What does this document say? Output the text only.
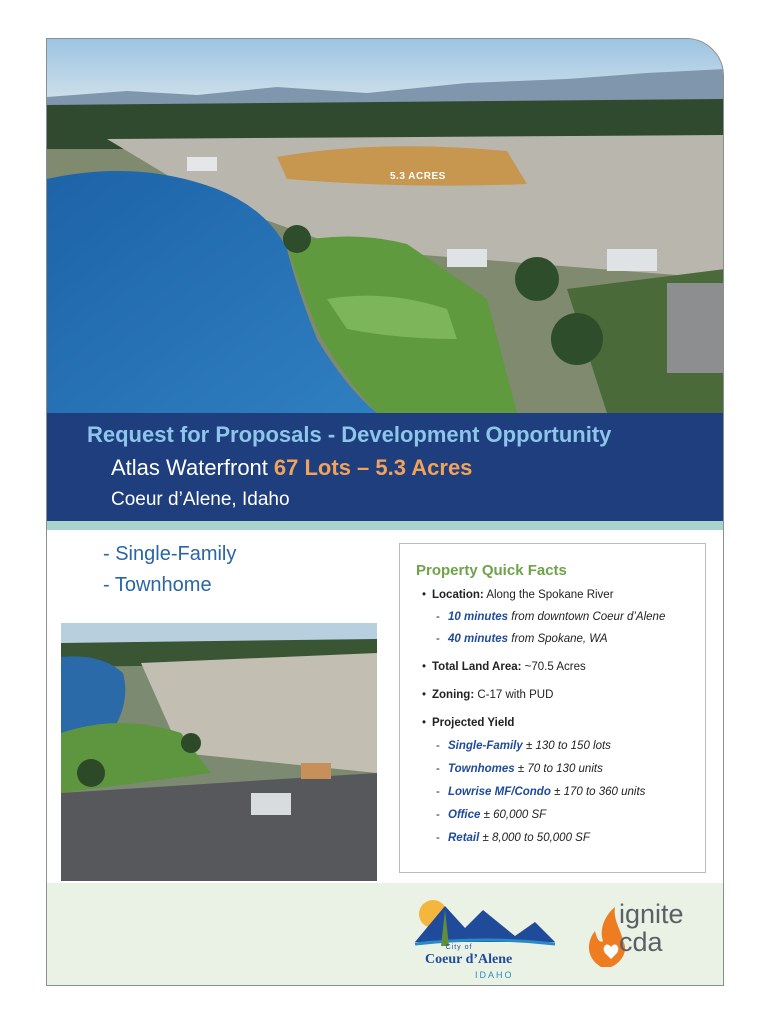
5.3 ACRES
Request for Proposals - Development Opportunity
Atlas Waterfront 67 Lots – 5.3 Acres
Coeur d’Alene, Idaho
- Single-Family
- Townhome
Property Quick Facts
• Location: Along the Spokane River
- 10 minutes from downtown Coeur d’Alene
- 40 minutes from Spokane, WA
• Total Land Area: ~70.5 Acres
• Zoning: C-17 with PUD
• Projected Yield
- Single-Family ± 130 to 150 lots
- Townhomes ± 70 to 130 units
- Lowrise MF/Condo ± 170 to 360 units
- Office ± 60,000 SF
- Retail ± 8,000 to 50,000 SF
City of
Coeur d’Alene
IDAHO
ignite
cda
